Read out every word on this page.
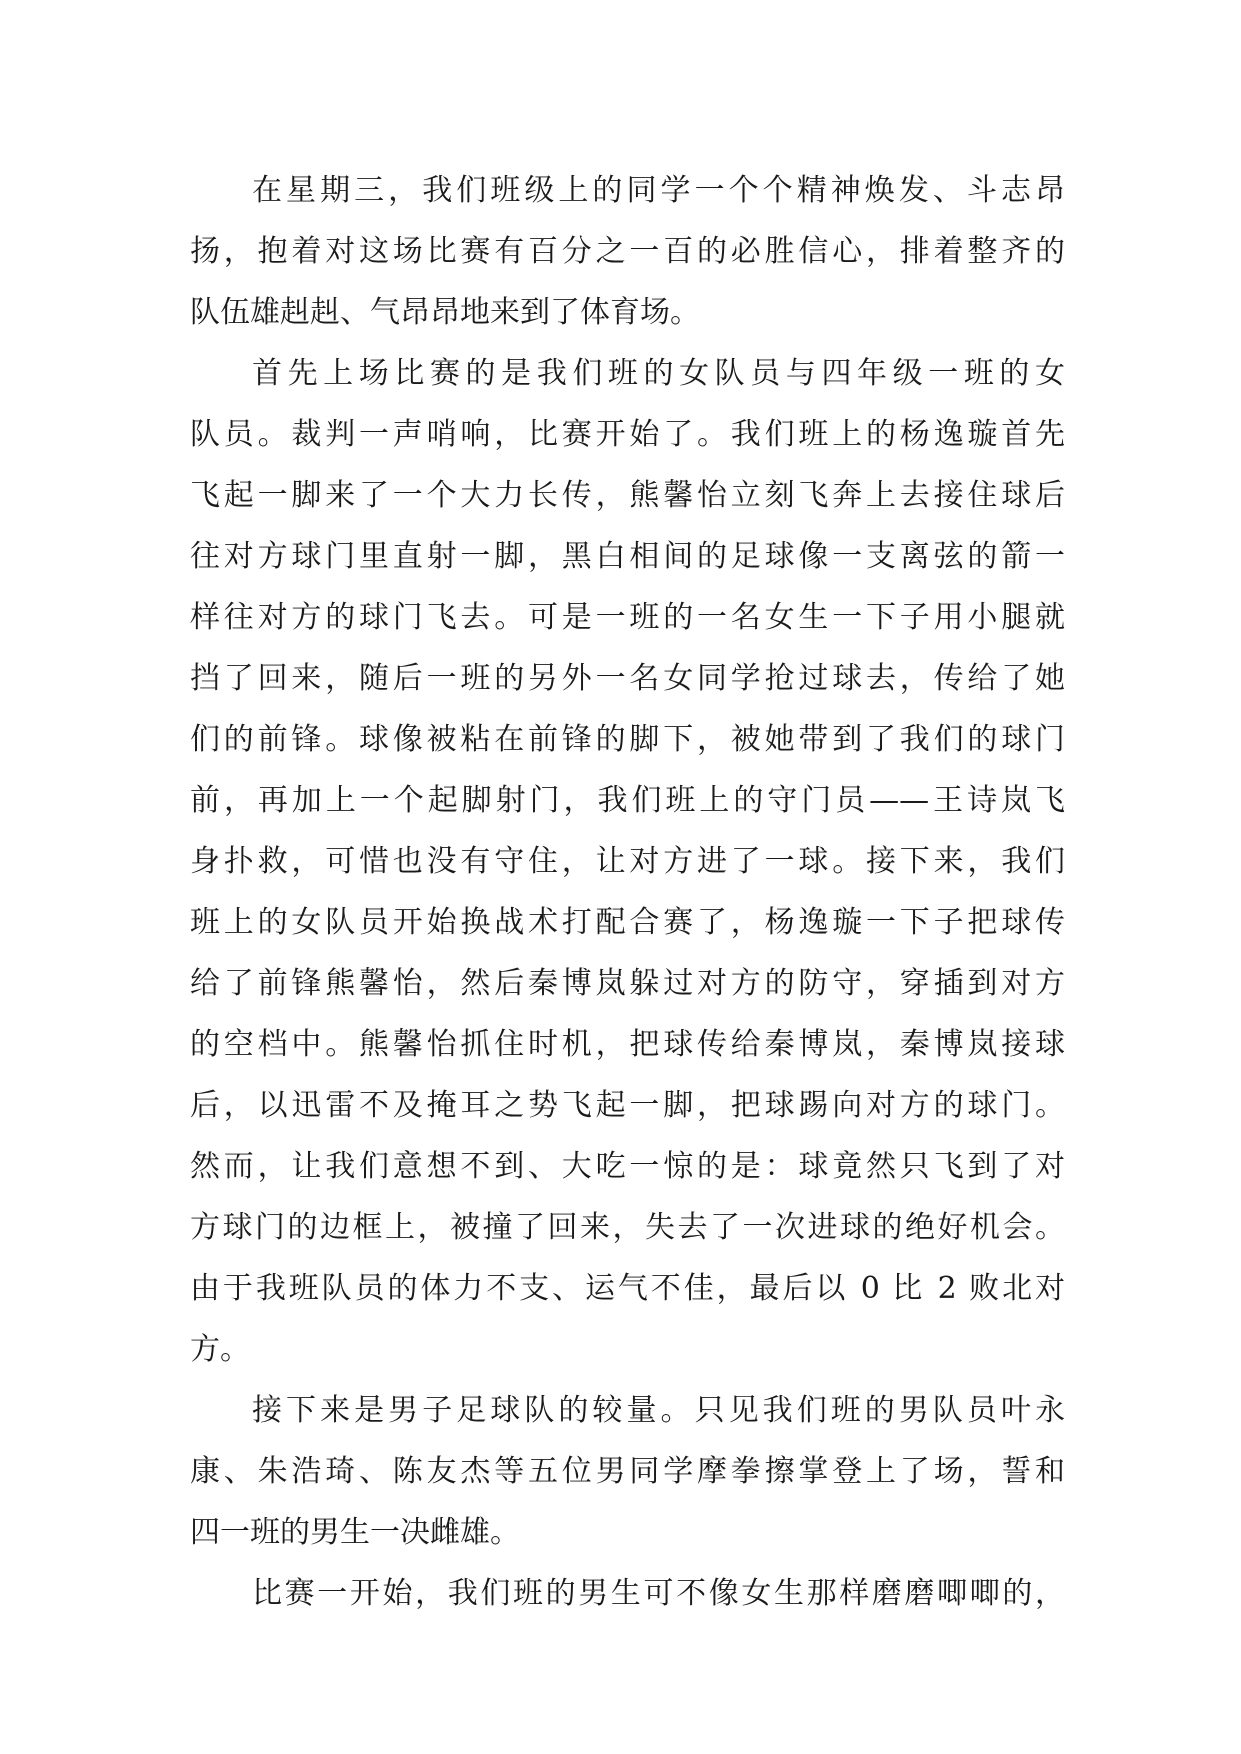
在星期三，我们班级上的同学一个个精神焕发、斗志昂
扬，抱着对这场比赛有百分之一百的必胜信心，排着整齐的
队伍雄赳赳、气昂昂地来到了体育场。
首先上场比赛的是我们班的女队员与四年级一班的女
队员。裁判一声哨响，比赛开始了。我们班上的杨逸璇首先
飞起一脚来了一个大力长传，熊馨怡立刻飞奔上去接住球后
往对方球门里直射一脚，黑白相间的足球像一支离弦的箭一
样往对方的球门飞去。可是一班的一名女生一下子用小腿就
挡了回来，随后一班的另外一名女同学抢过球去，传给了她
们的前锋。球像被粘在前锋的脚下，被她带到了我们的球门
前，再加上一个起脚射门，我们班上的守门员——王诗岚飞
身扑救，可惜也没有守住，让对方进了一球。接下来，我们
班上的女队员开始换战术打配合赛了，杨逸璇一下子把球传
给了前锋熊馨怡，然后秦博岚躲过对方的防守，穿插到对方
的空档中。熊馨怡抓住时机，把球传给秦博岚，秦博岚接球
后，以迅雷不及掩耳之势飞起一脚，把球踢向对方的球门。
然而，让我们意想不到、大吃一惊的是：球竟然只飞到了对
方球门的边框上，被撞了回来，失去了一次进球的绝好机会。
由于我班队员的体力不支、运气不佳，最后以 0 比 2 败北对
方。
接下来是男子足球队的较量。只见我们班的男队员叶永
康、朱浩琦、陈友杰等五位男同学摩拳擦掌登上了场，誓和
四一班的男生一决雌雄。
比赛一开始，我们班的男生可不像女生那样磨磨唧唧的，
